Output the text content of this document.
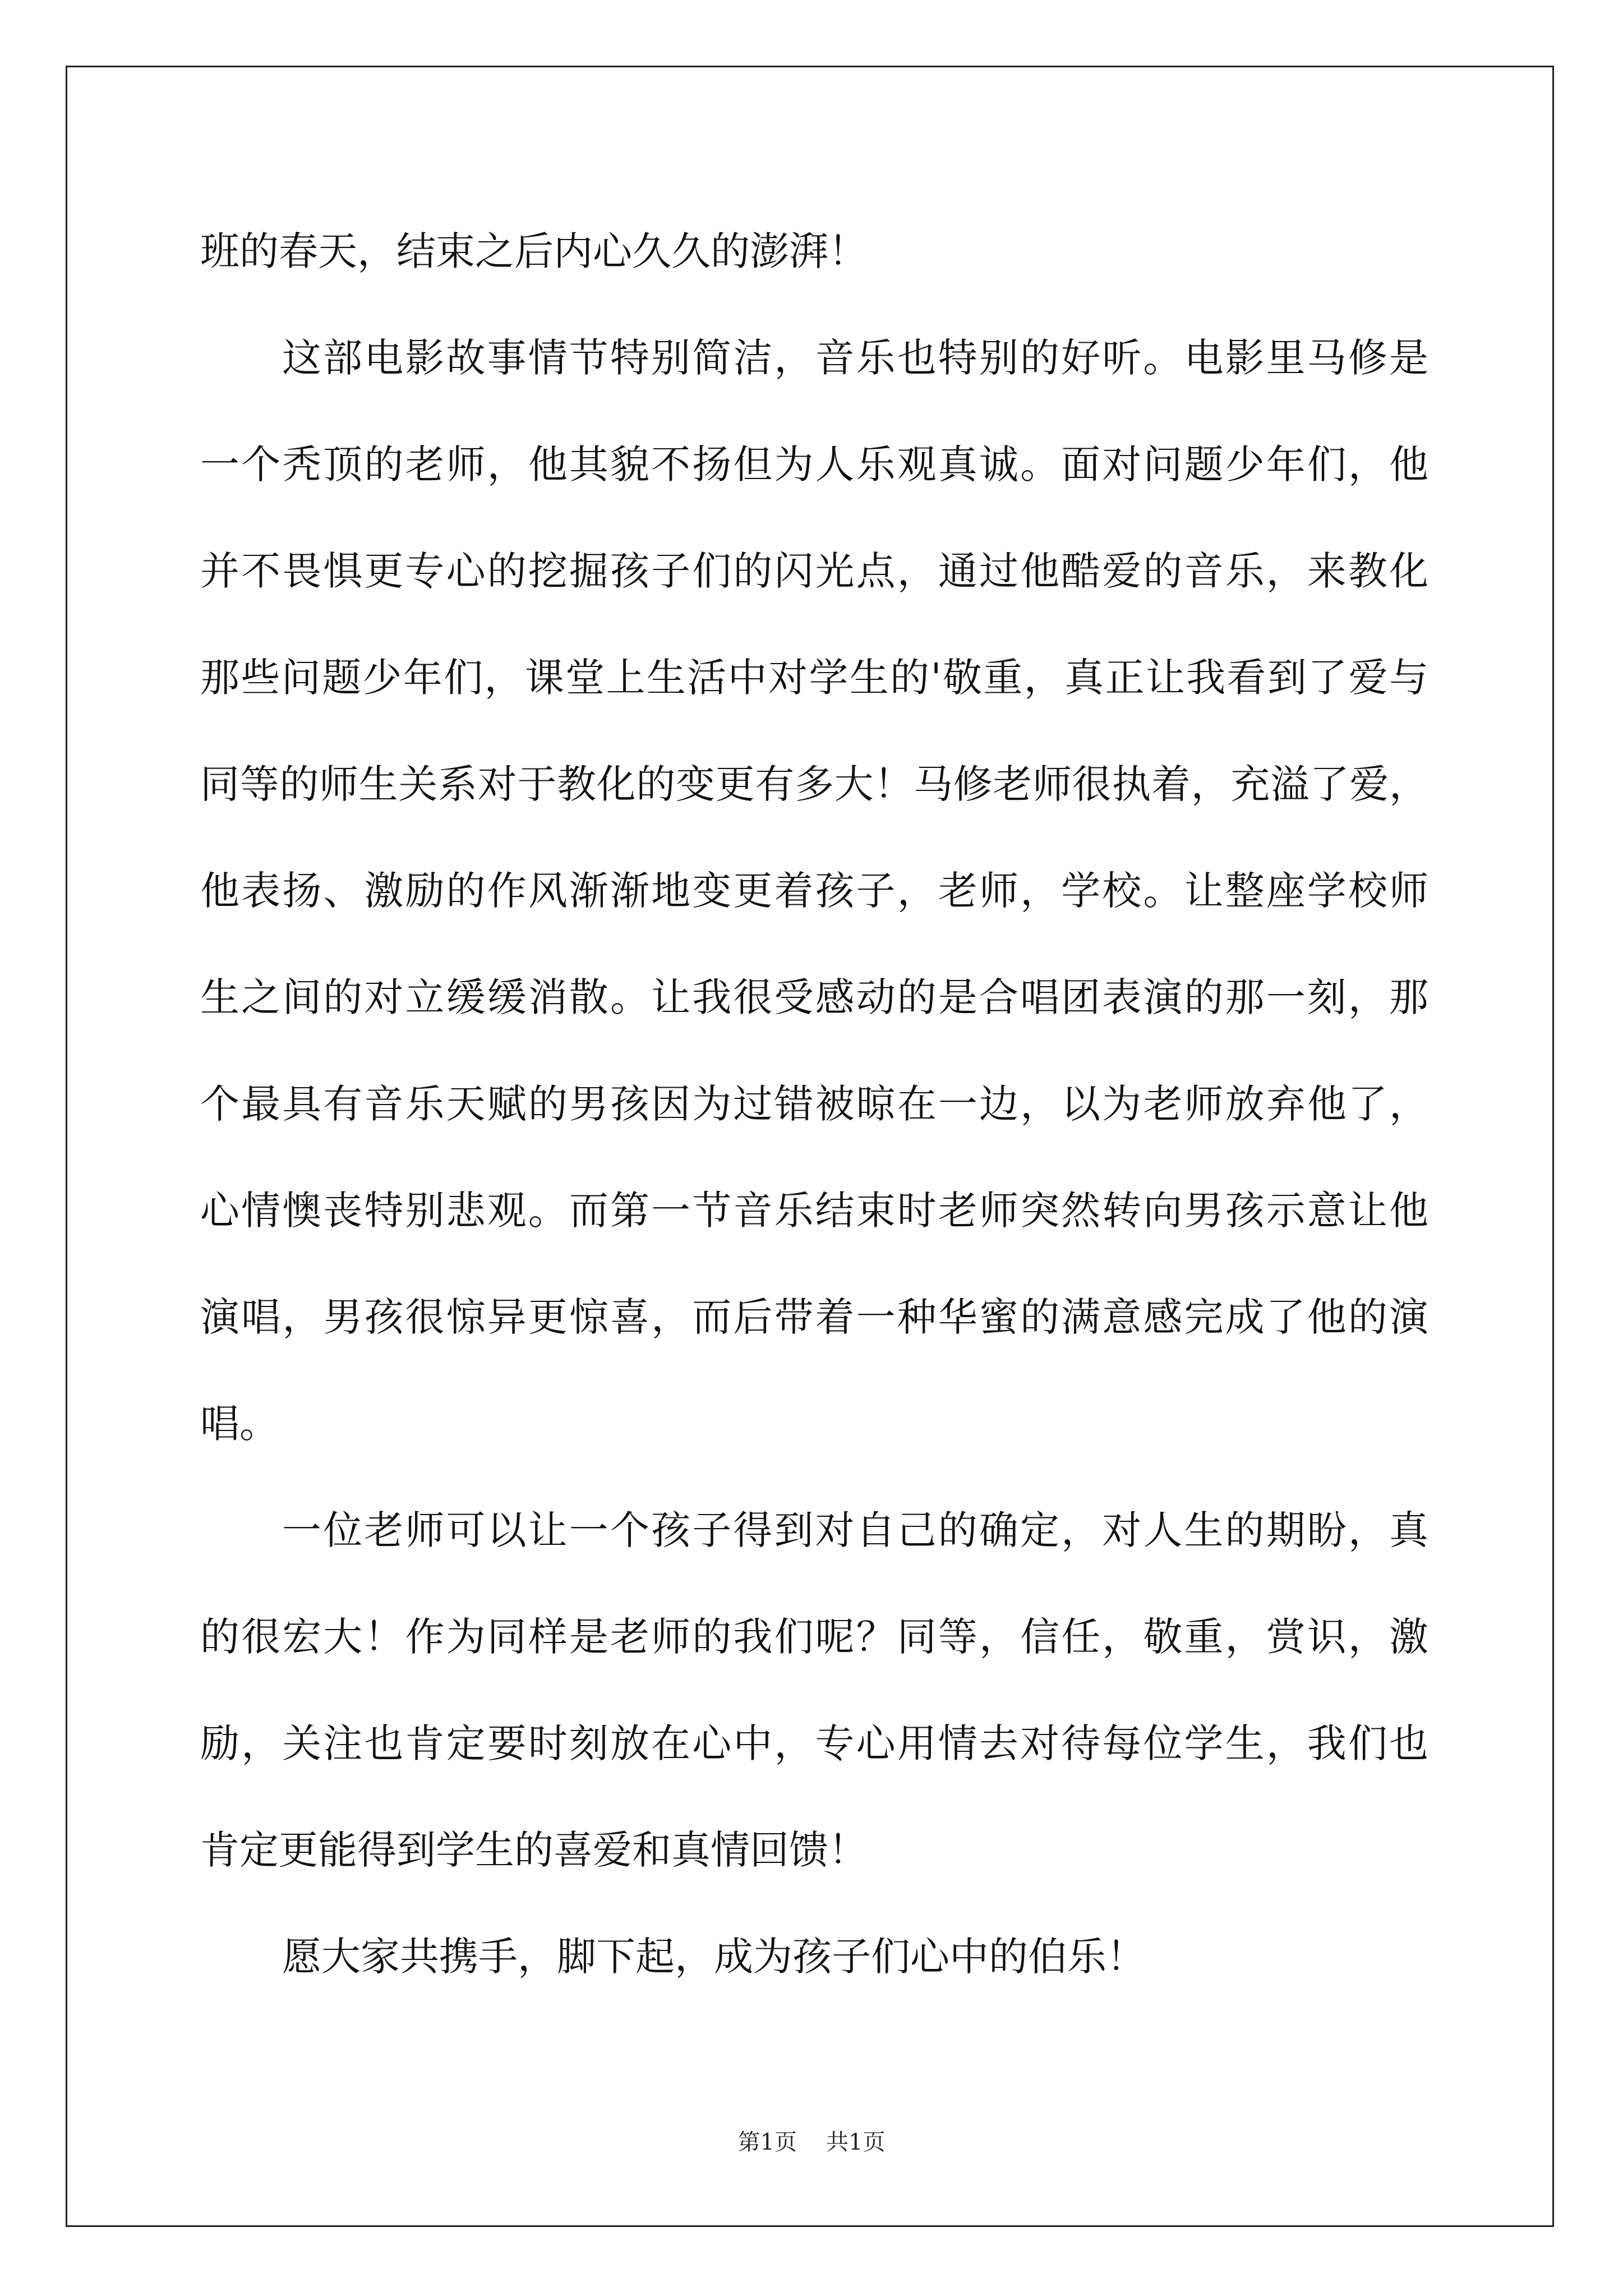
班的春天，结束之后内心久久的澎湃！
这部电影故事情节特别简洁，音乐也特别的好听。电影里马修是
一个秃顶的老师，他其貌不扬但为人乐观真诚。面对问题少年们，他
并不畏惧更专心的挖掘孩子们的闪光点，通过他酷爱的音乐，来教化
那些问题少年们，课堂上生活中对学生的'敬重，真正让我看到了爱与
同等的师生关系对于教化的变更有多大！马修老师很执着，充溢了爱，
他表扬、激励的作风渐渐地变更着孩子，老师，学校。让整座学校师
生之间的对立缓缓消散。让我很受感动的是合唱团表演的那一刻，那
个最具有音乐天赋的男孩因为过错被晾在一边，以为老师放弃他了，
心情懊丧特别悲观。而第一节音乐结束时老师突然转向男孩示意让他
演唱，男孩很惊异更惊喜，而后带着一种华蜜的满意感完成了他的演
唱。
一位老师可以让一个孩子得到对自己的确定，对人生的期盼，真
的很宏大！作为同样是老师的我们呢？同等，信任，敬重，赏识，激
励，关注也肯定要时刻放在心中，专心用情去对待每位学生，我们也
肯定更能得到学生的喜爱和真情回馈！
愿大家共携手，脚下起，成为孩子们心中的伯乐！
第1页 共1页
